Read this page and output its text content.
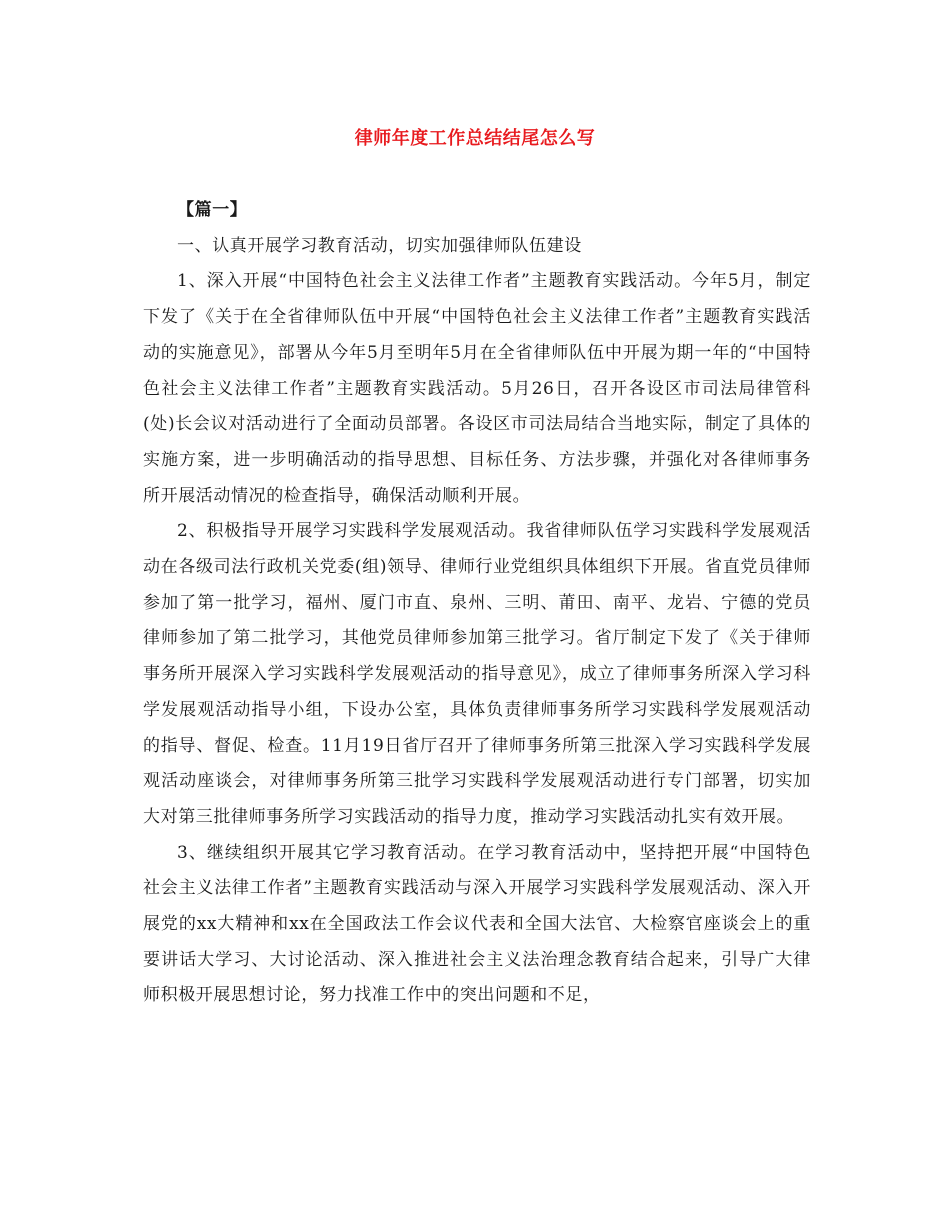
律师年度工作总结结尾怎么写

【篇一】

一、认真开展学习教育活动，切实加强律师队伍建设

1、深入开展“中国特色社会主义法律工作者”主题教育实践活动。今年5月，制定下发了《关于在全省律师队伍中开展“中国特色社会主义法律工作者”主题教育实践活动的实施意见》，部署从今年5月至明年5月在全省律师队伍中开展为期一年的“中国特色社会主义法律工作者”主题教育实践活动。5月26日，召开各设区市司法局律管科(处)长会议对活动进行了全面动员部署。各设区市司法局结合当地实际，制定了具体的实施方案，进一步明确活动的指导思想、目标任务、方法步骤，并强化对各律师事务所开展活动情况的检查指导，确保活动顺利开展。

2、积极指导开展学习实践科学发展观活动。我省律师队伍学习实践科学发展观活动在各级司法行政机关党委(组)领导、律师行业党组织具体组织下开展。省直党员律师参加了第一批学习，福州、厦门市直、泉州、三明、莆田、南平、龙岩、宁德的党员律师参加了第二批学习，其他党员律师参加第三批学习。省厅制定下发了《关于律师事务所开展深入学习实践科学发展观活动的指导意见》，成立了律师事务所深入学习科学发展观活动指导小组，下设办公室，具体负责律师事务所学习实践科学发展观活动的指导、督促、检查。11月19日省厅召开了律师事务所第三批深入学习实践科学发展观活动座谈会，对律师事务所第三批学习实践科学发展观活动进行专门部署，切实加大对第三批律师事务所学习实践活动的指导力度，推动学习实践活动扎实有效开展。

3、继续组织开展其它学习教育活动。在学习教育活动中，坚持把开展“中国特色社会主义法律工作者”主题教育实践活动与深入开展学习实践科学发展观活动、深入开展党的xx大精神和xx在全国政法工作会议代表和全国大法官、大检察官座谈会上的重要讲话大学习、大讨论活动、深入推进社会主义法治理念教育结合起来，引导广大律师积极开展思想讨论，努力找准工作中的突出问题和不足，
